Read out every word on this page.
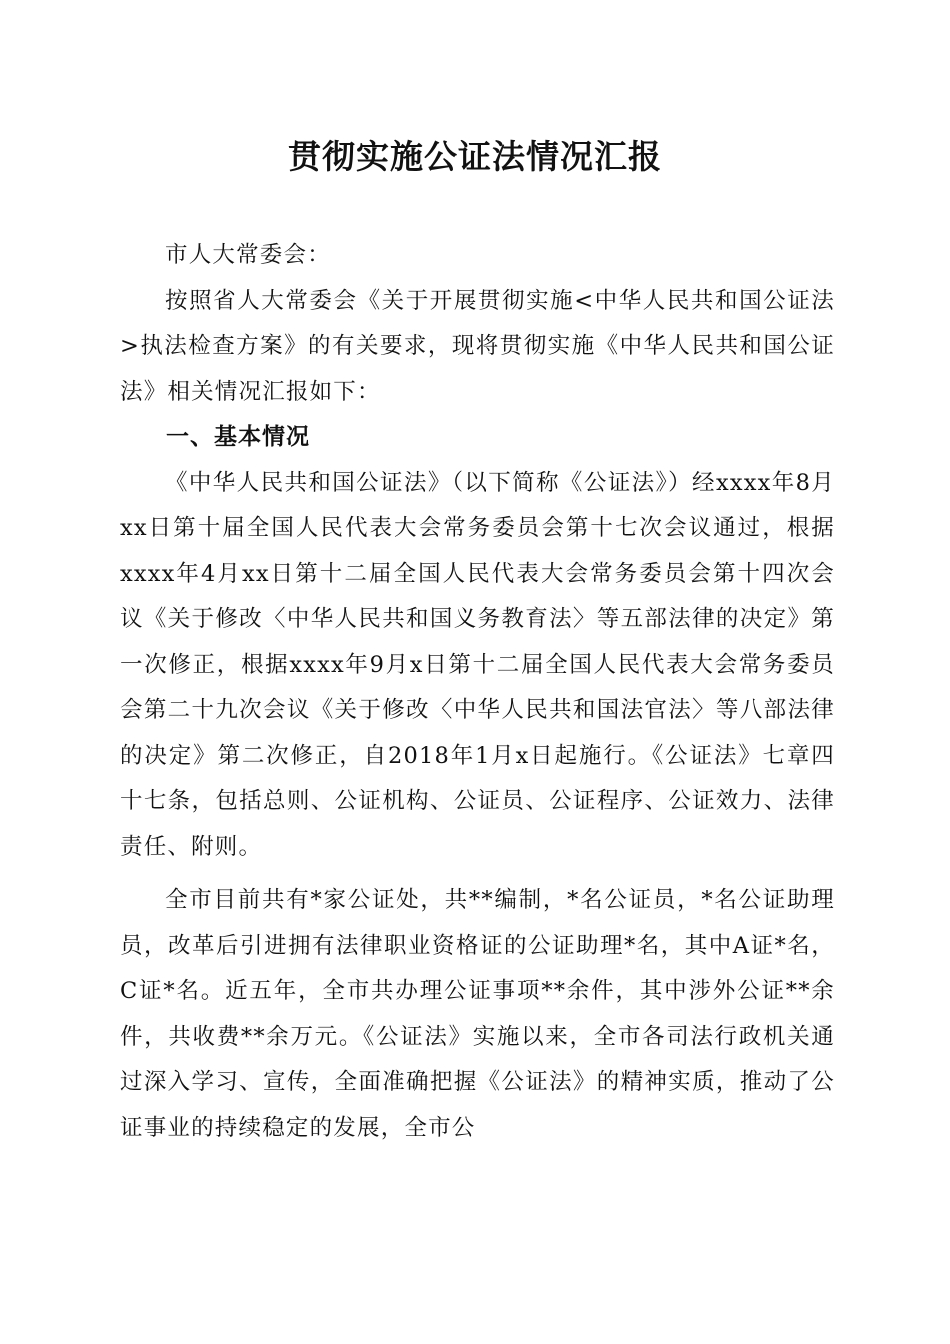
贯彻实施公证法情况汇报

市人大常委会：

按照省人大常委会《关于开展贯彻实施<中华人民共和国公证法>执法检查方案》的有关要求，现将贯彻实施《中华人民共和国公证法》相关情况汇报如下：

一、基本情况

《中华人民共和国公证法》（以下简称《公证法》）经xxxx年8月xx日第十届全国人民代表大会常务委员会第十七次会议通过，根据xxxx年4月xx日第十二届全国人民代表大会常务委员会第十四次会议《关于修改〈中华人民共和国义务教育法〉等五部法律的决定》第一次修正，根据xxxx年9月x日第十二届全国人民代表大会常务委员会第二十九次会议《关于修改〈中华人民共和国法官法〉等八部法律的决定》第二次修正，自2018年1月x日起施行。《公证法》七章四十七条，包括总则、公证机构、公证员、公证程序、公证效力、法律责任、附则。

全市目前共有*家公证处，共**编制，*名公证员，*名公证助理员，改革后引进拥有法律职业资格证的公证助理*名，其中A证*名，C证*名。近五年，全市共办理公证事项**余件，其中涉外公证**余件，共收费**余万元。《公证法》实施以来，全市各司法行政机关通过深入学习、宣传，全面准确把握《公证法》的精神实质，推动了公证事业的持续稳定的发展，全市公
